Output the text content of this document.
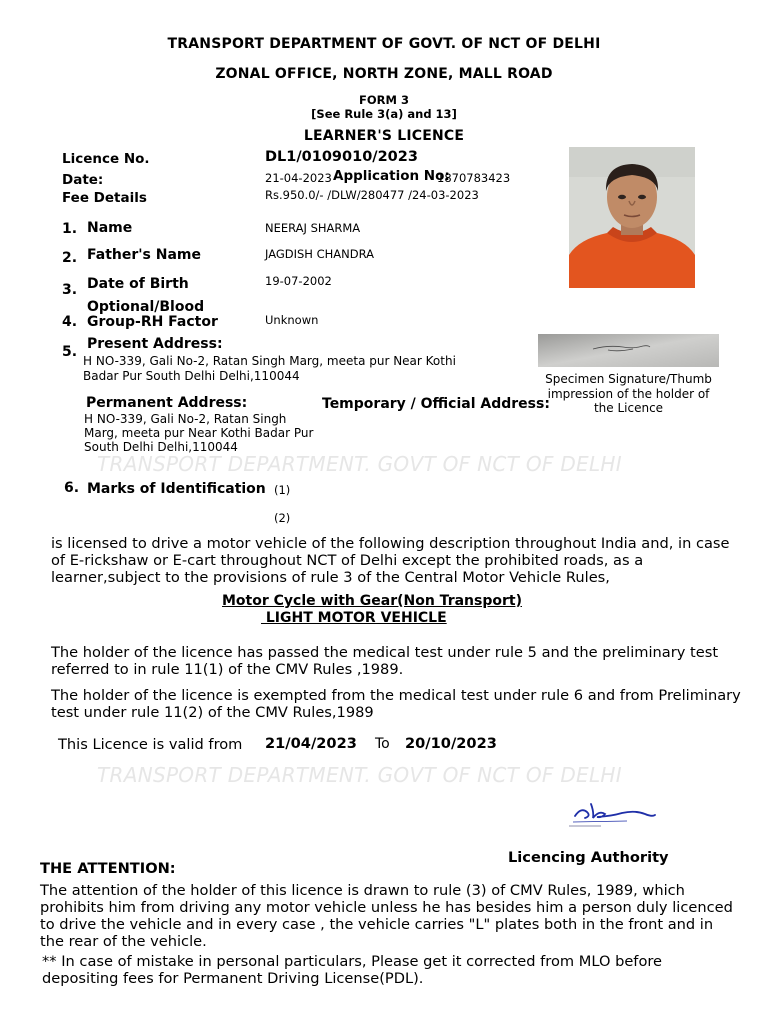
TRANSPORT DEPARTMENT OF GOVT. OF NCT OF DELHI
ZONAL OFFICE, NORTH ZONE, MALL ROAD
FORM 3
[See Rule 3(a) and 13]
LEARNER'S LICENCE
Licence No.	DL1/0109010/2023
Date:	21-04-2023 Application No:
1870783423
Fee Details	Rs.950.0/- /DLW/280477 /24-03-2023
1. Name	NEERAJ SHARMA
2. Father's Name	JAGDISH CHANDRA
3. Date of Birth	19-07-2002
4.
Optional/Blood
Group-RH Factor	Unknown
5. Present Address:
H NO-339, Gali No-2, Ratan Singh Marg, meeta pur Near Kothi
Badar Pur South Delhi Delhi,110044	Specimen Signature/Thumb
impression of the holder of
the Licence
Permanent Address:	Temporary / Official Address:
H NO-339, Gali No-2, Ratan Singh
Marg, meeta pur Near Kothi Badar Pur
South Delhi Delhi,110044
TRANSPORT DEPARTMENT. GOVT OF NCT OF DELHI
6. Marks of Identification (1)
(2)
is licensed to drive a motor vehicle of the following description throughout India and, in case of E-rickshaw or E-cart throughout NCT of Delhi except the prohibited roads, as a learner,subject to the provisions of rule 3 of the Central Motor Vehicle Rules,
Motor Cycle with Gear(Non Transport)
LIGHT MOTOR VEHICLE
The holder of the licence has passed the medical test under rule 5 and the preliminary test referred to in rule 11(1) of the CMV Rules ,1989.
The holder of the licence is exempted from the medical test under rule 6 and from Preliminary test under rule 11(2) of the CMV Rules,1989
This Licence is valid from 21/04/2023 To 20/10/2023
TRANSPORT DEPARTMENT. GOVT OF NCT OF DELHI
Licencing Authority
THE ATTENTION:
The attention of the holder of this licence is drawn to rule (3) of CMV Rules, 1989, which prohibits him from driving any motor vehicle unless he has besides him a person duly licenced to drive the vehicle and in every case , the vehicle carries "L" plates both in the front and in the rear of the vehicle.
** In case of mistake in personal particulars, Please get it corrected from MLO before depositing fees for Permanent Driving License(PDL).
